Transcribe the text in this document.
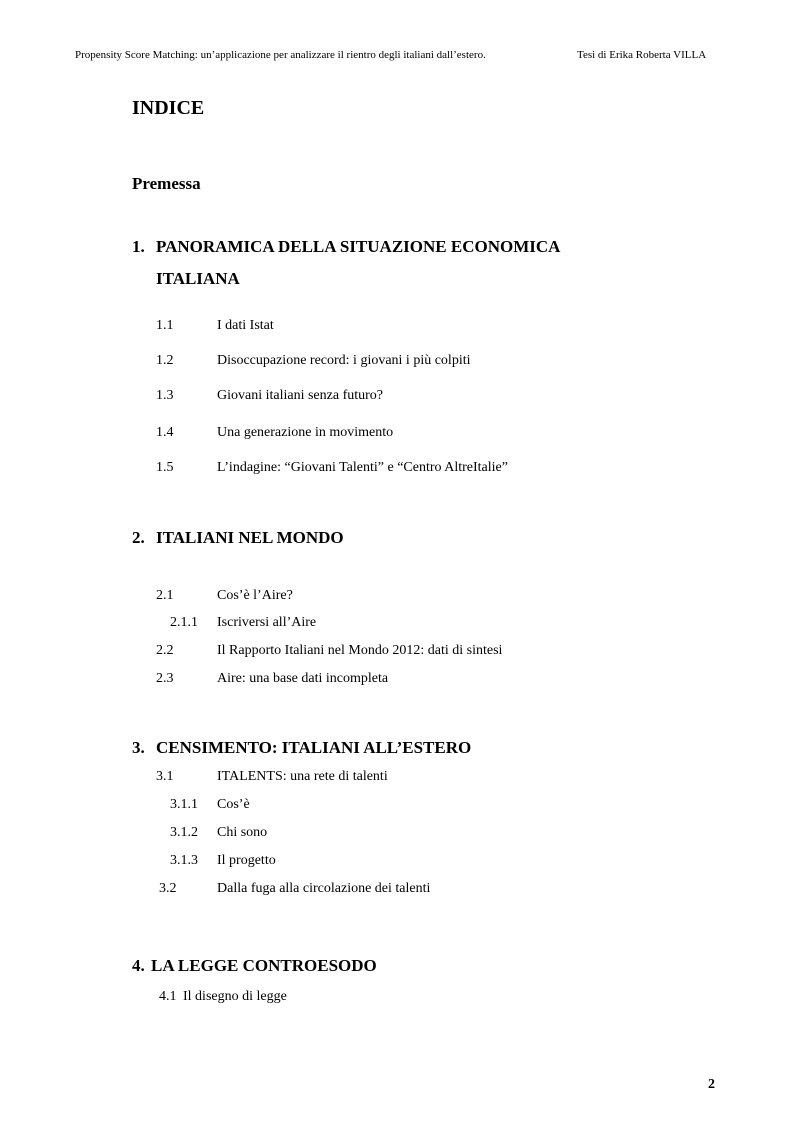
Propensity Score Matching: un’applicazione per analizzare il rientro degli italiani dall’estero.	Tesi di Erika Roberta VILLA
INDICE
Premessa
1. PANORAMICA DELLA SITUAZIONE ECONOMICA
ITALIANA
1.1	I dati Istat
1.2	Disoccupazione record: i giovani i più colpiti
1.3	Giovani italiani senza futuro?
1.4	Una generazione in movimento
1.5	L’indagine: “Giovani Talenti” e “Centro AltreItalie”
2. ITALIANI NEL MONDO
2.1	Cos’è l’Aire?
2.1.1 Iscriversi all’Aire
2.2	Il Rapporto Italiani nel Mondo 2012: dati di sintesi
2.3	Aire: una base dati incompleta
3. CENSIMENTO: ITALIANI ALL’ESTERO
3.1	ITALENTS: una rete di talenti
3.1.1 Cos’è
3.1.2 Chi sono
3.1.3 Il progetto
3.2	Dalla fuga alla circolazione dei talenti
4. LA LEGGE CONTROESODO
4.1 Il disegno di legge
2
